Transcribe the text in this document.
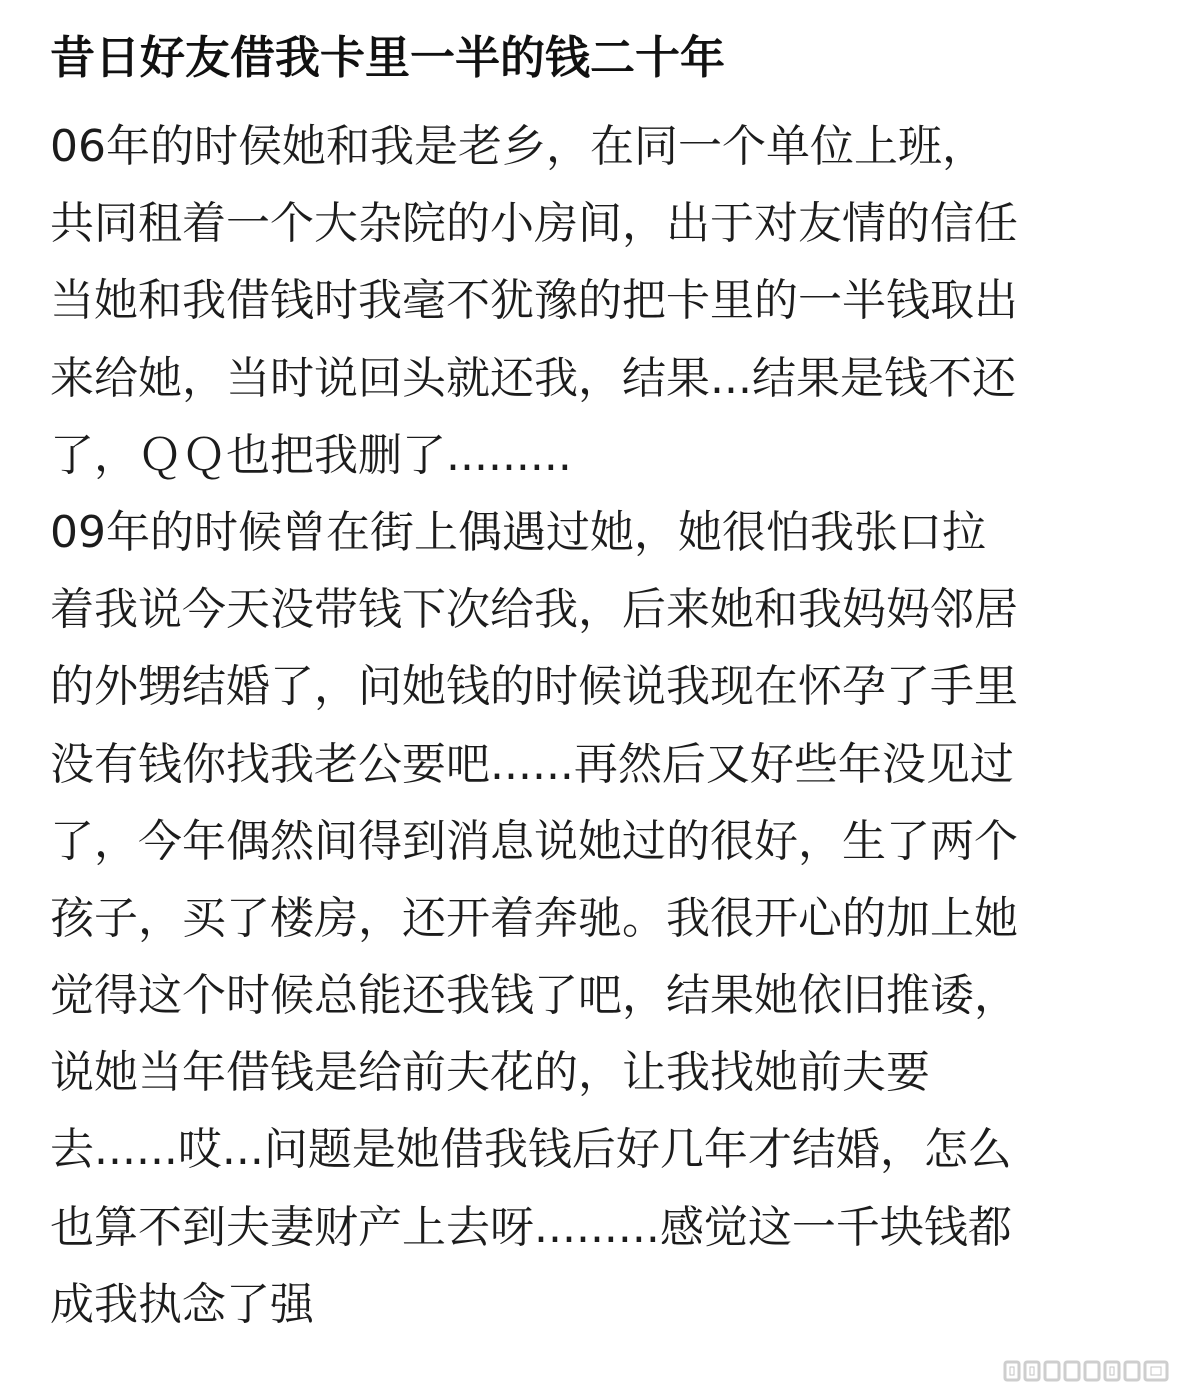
昔日好友借我卡里一半的钱二十年
06年的时侯她和我是老乡，在同一个单位上班，
共同租着一个大杂院的小房间，出于对友情的信任
当她和我借钱时我毫不犹豫的把卡里的一半钱取出
来给她，当时说回头就还我，结果...结果是钱不还
了，ＱＱ也把我删了.........
09年的时候曾在街上偶遇过她，她很怕我张口拉
着我说今天没带钱下次给我，后来她和我妈妈邻居
的外甥结婚了，问她钱的时候说我现在怀孕了手里
没有钱你找我老公要吧......再然后又好些年没见过
了，今年偶然间得到消息说她过的很好，生了两个
孩子，买了楼房，还开着奔驰。我很开心的加上她
觉得这个时候总能还我钱了吧，结果她依旧推诿，
说她当年借钱是给前夫花的，让我找她前夫要
去......哎...问题是她借我钱后好几年才结婚，怎么
也算不到夫妻财产上去呀.........感觉这一千块钱都
成我执念了强
